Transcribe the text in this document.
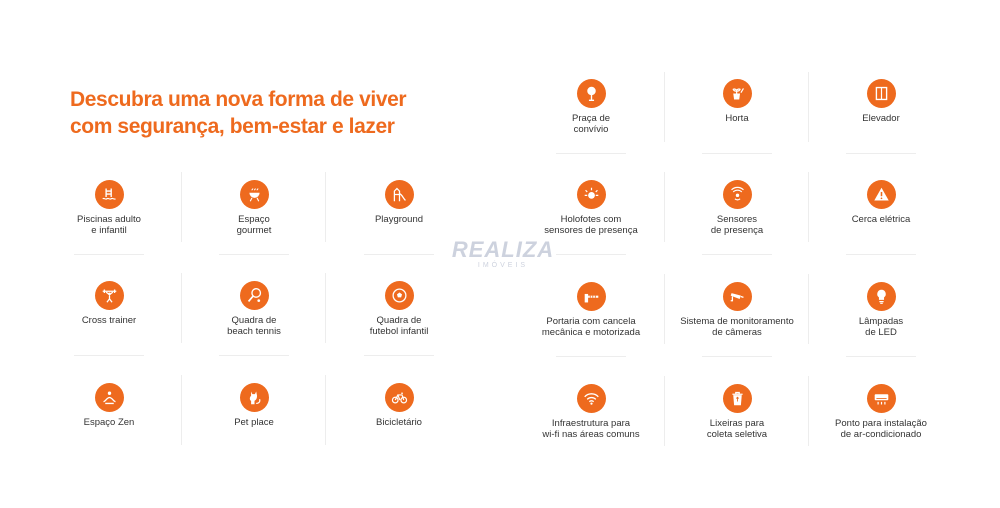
Descubra uma nova forma de viver
com segurança, bem-estar e lazer
REALIZA
IMÓVEIS
Piscinas adulto
e infantil
Espaço
gourmet
Playground
Cross trainer	Quadra de
beach tennis
Quadra de
futebol infantil
Espaço Zen	Pet place	Bicicletário
Praça de
convívio
Horta	Elevador
Holofotes com
sensores de presença
Sensores
de presença
Cerca elétrica
Portaria com cancela
mecânica e motorizada
Sistema de monitoramento
de câmeras
Lâmpadas
de LED
Infraestrutura para
wi-fi nas áreas comuns
Lixeiras para
coleta seletiva
Ponto para instalação
de ar-condicionado
